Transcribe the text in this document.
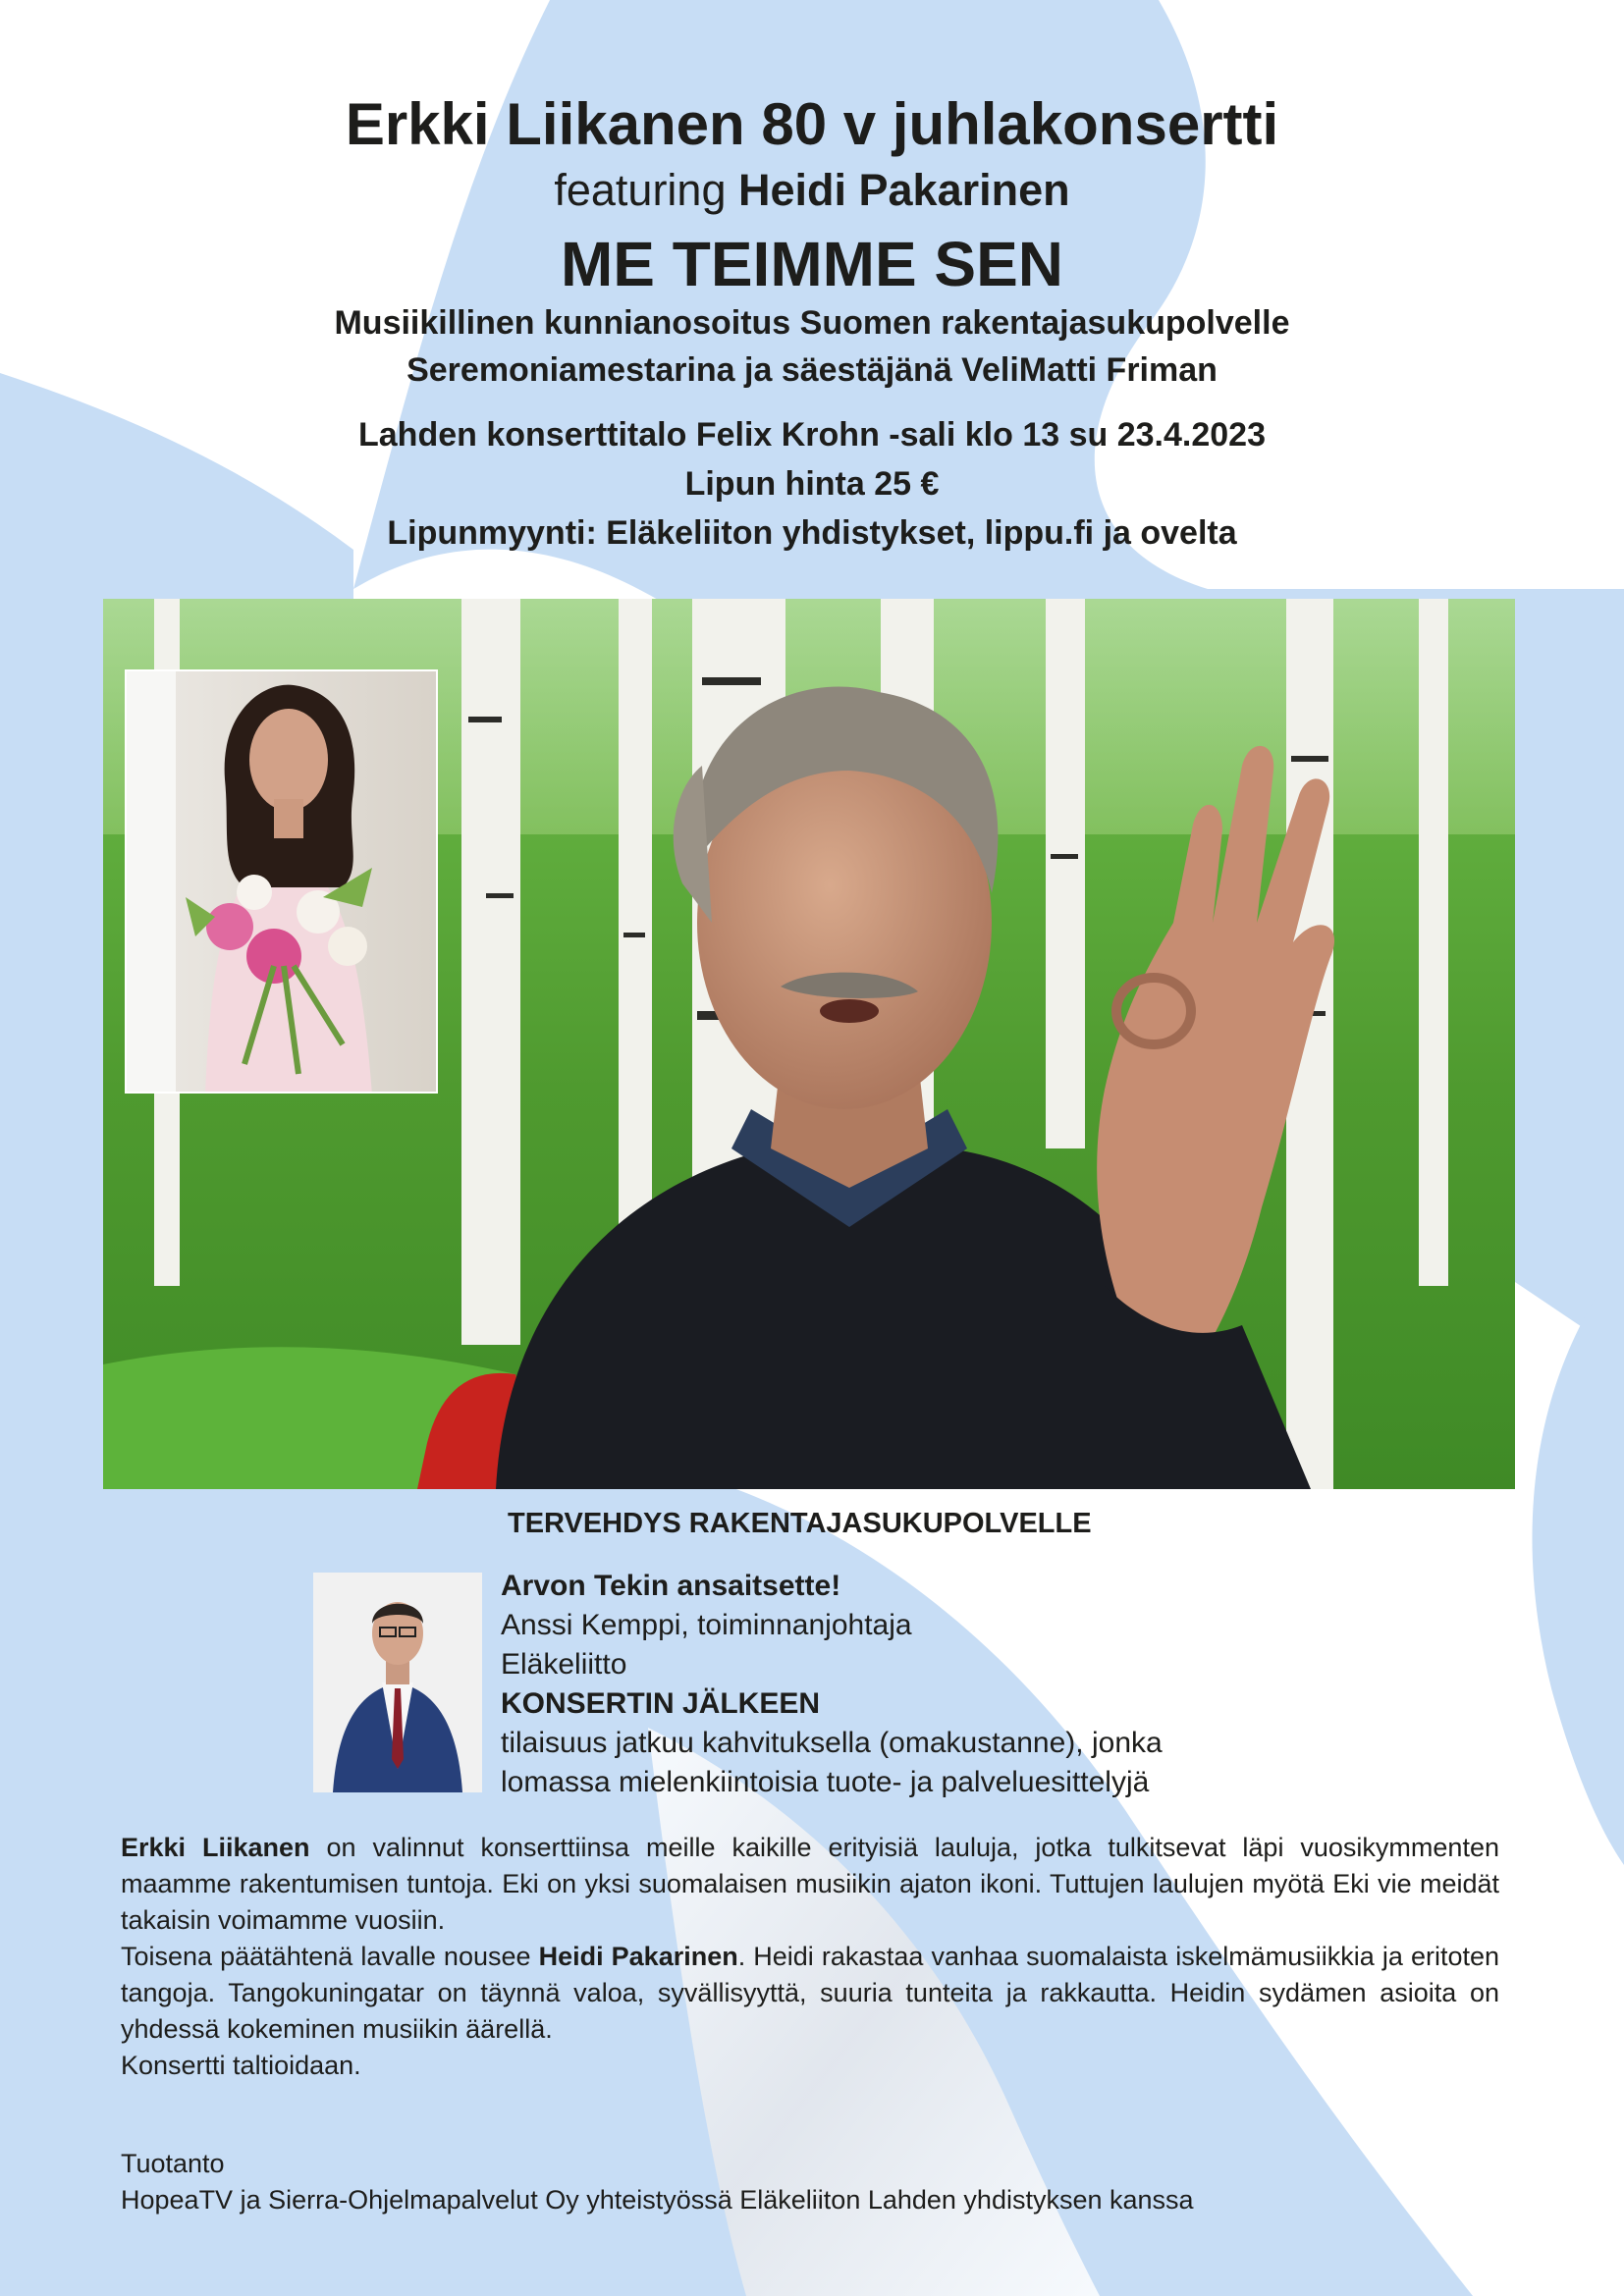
Erkki Liikanen 80 v juhlakonsertti
featuring Heidi Pakarinen
ME TEIMME SEN
Musiikillinen kunnianosoitus Suomen rakentajasukupolvelle
Seremoniamestarina ja säestäjänä VeliMatti Friman
Lahden konserttitalo Felix Krohn -sali klo 13 su 23.4.2023
Lipun hinta 25 €
Lipunmyynti: Eläkeliiton yhdistykset, lippu.fi ja ovelta
TERVEHDYS RAKENTAJASUKUPOLVELLE
Arvon Tekin ansaitsette!
Anssi Kemppi, toiminnanjohtaja
Eläkeliitto
KONSERTIN JÄLKEEN
tilaisuus jatkuu kahvituksella (omakustanne), jonka
lomassa mielenkiintoisia tuote- ja palveluesittelyjä

Erkki Liikanen on valinnut konserttiinsa meille kaikille erityisiä lauluja, jotka tulkitsevat läpi vuosikymmenten maamme rakentumisen tuntoja. Eki on yksi suomalaisen musiikin ajaton ikoni. Tuttujen laulujen myötä Eki vie meidät takaisin voimamme vuosiin.

Toisena päätähtenä lavalle nousee Heidi Pakarinen. Heidi rakastaa vanhaa suomalaista iskelmämusiikkia ja eritoten tangoja. Tangokuningatar on täynnä valoa, syvällisyyttä, suuria tunteita ja rakkautta. Heidin sydämen asioita on yhdessä kokeminen musiikin äärellä.

Konsertti taltioidaan.

Tuotanto
HopeaTV ja Sierra-Ohjelmapalvelut Oy yhteistyössä Eläkeliiton Lahden yhdistyksen kanssa
